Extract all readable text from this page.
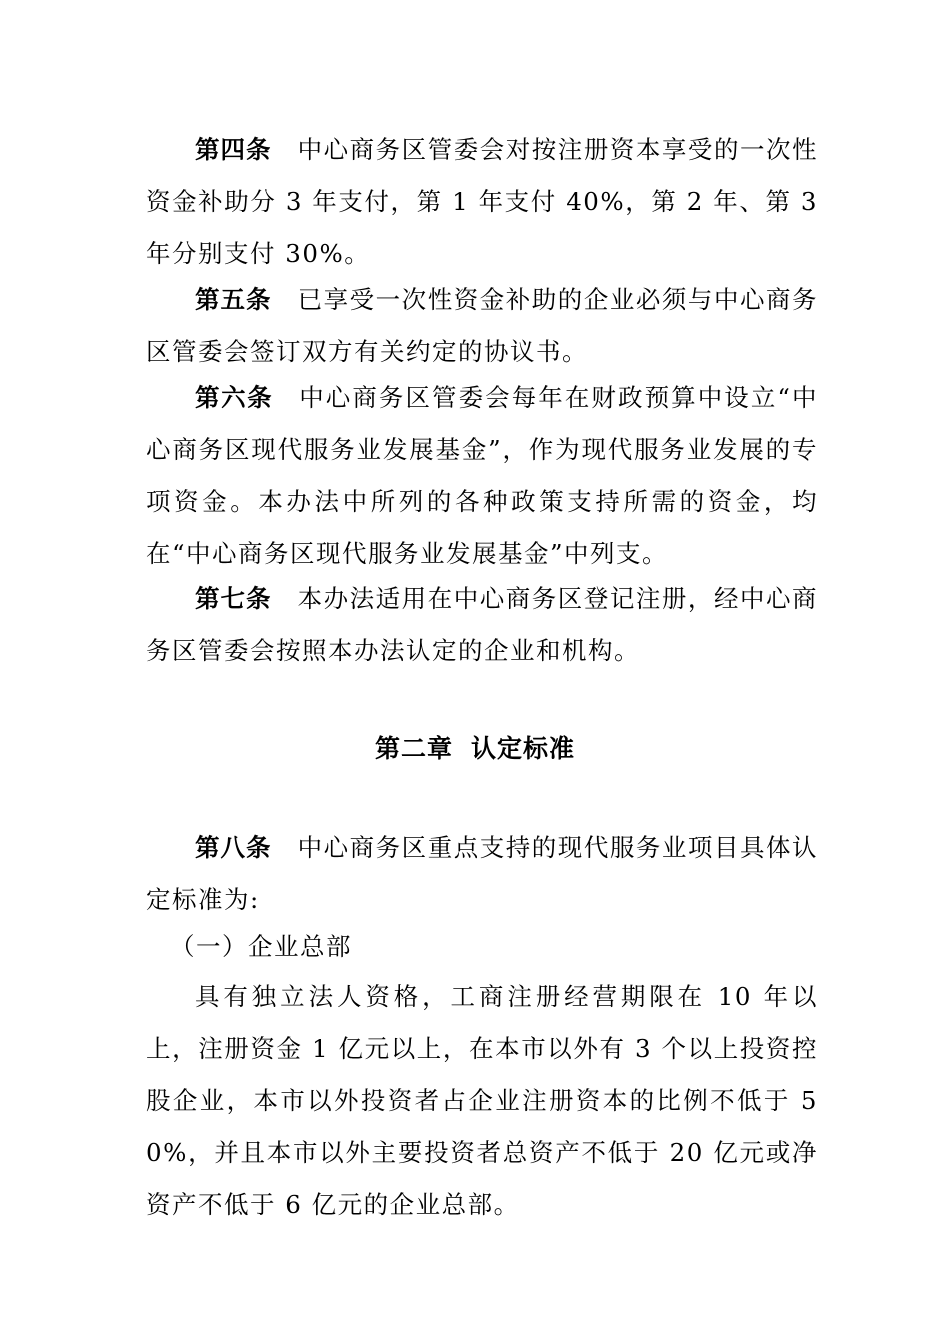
第四条 中心商务区管委会对按注册资本享受的一次性资金补助分 3 年支付，第 1 年支付 40%，第 2 年、第 3 年分别支付 30%。

第五条 已享受一次性资金补助的企业必须与中心商务区管委会签订双方有关约定的协议书。

第六条 中心商务区管委会每年在财政预算中设立“中心商务区现代服务业发展基金”，作为现代服务业发展的专项资金。本办法中所列的各种政策支持所需的资金，均在“中心商务区现代服务业发展基金”中列支。

第七条 本办法适用在中心商务区登记注册，经中心商务区管委会按照本办法认定的企业和机构。

第二章 认定标准

第八条 中心商务区重点支持的现代服务业项目具体认定标准为:

（一）企业总部

具有独立法人资格，工商注册经营期限在 10 年以上，注册资金 1 亿元以上，在本市以外有 3 个以上投资控股企业，本市以外投资者占企业注册资本的比例不低于 50%，并且本市以外主要投资者总资产不低于 20 亿元或净资产不低于 6 亿元的企业总部。
